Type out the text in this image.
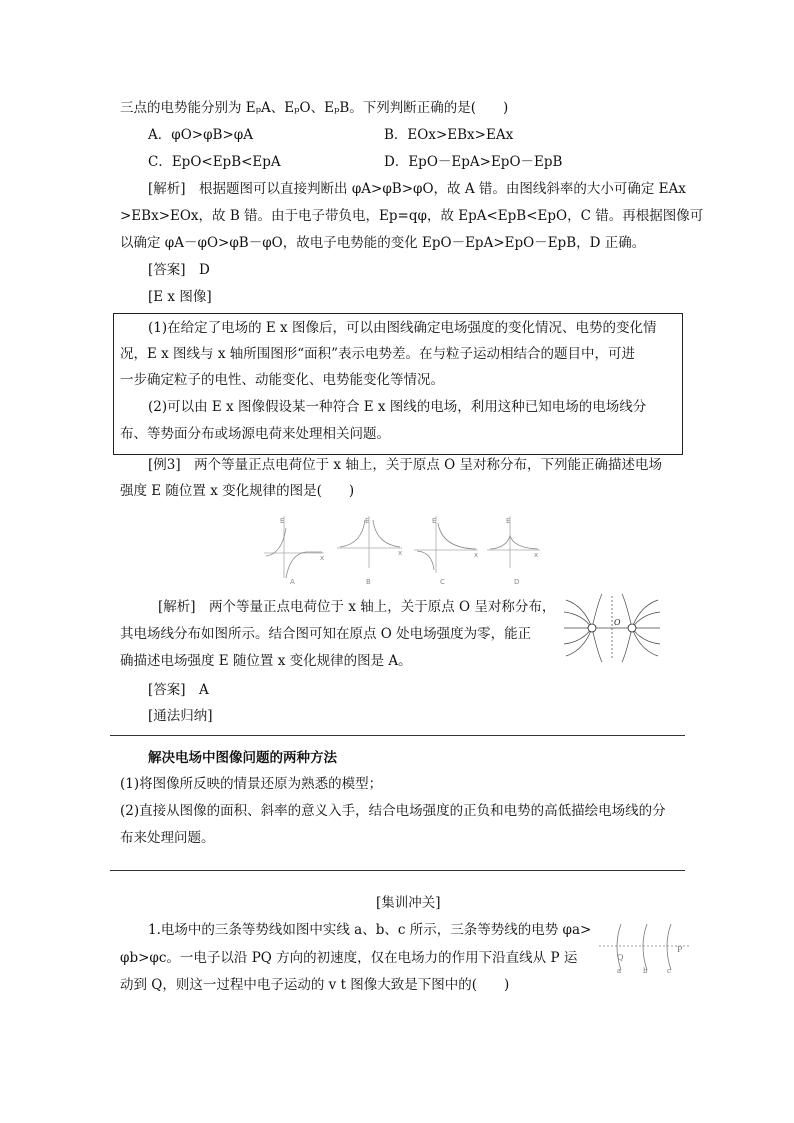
三点的电势能分别为 EₚA、EₚO、EₚB。下列判断正确的是(　　)
A．φO>φB>φA	B．EOx>EBx>EAx
C．EpO<EpB<EpA	D．EpO－EpA>EpO－EpB
[解析]　根据题图可以直接判断出 φA>φB>φO，故 A 错。由图线斜率的大小可确定 EAx
>EBx>EOx，故 B 错。由于电子带负电，Ep=qφ，故 EpA<EpB<EpO，C 错。再根据图像可
以确定 φA－φO>φB－φO，故电子电势能的变化 EpO－EpA>EpO－EpB，D 正确。
[答案]　D
[E x 图像]
(1)在给定了电场的 E x 图像后，可以由图线确定电场强度的变化情况、电势的变化情
况，E x 图线与 x 轴所围图形“面积”表示电势差。在与粒子运动相结合的题目中，可进
一步确定粒子的电性、动能变化、电势能变化等情况。
(2)可以由 E x 图像假设某一种符合 E x 图线的电场，利用这种已知电场的电场线分
布、等势面分布或场源电荷来处理相关问题。
[例3]　两个等量正点电荷位于 x 轴上，关于原点 O 呈对称分布，下列能正确描述电场
强度 E 随位置 x 变化规律的图是(　　)
E
x
E
x
E
x
E
x
A	B	C	D
[解析]　两个等量正点电荷位于 x 轴上，关于原点 O 呈对称分布，
其电场线分布如图所示。结合图可知在原点 O 处电场强度为零，能正
确描述电场强度 E 随位置 x 变化规律的图是 A。
O
[答案]　A
[通法归纳]
解决电场中图像问题的两种方法
(1)将图像所反映的情景还原为熟悉的模型；
(2)直接从图像的面积、斜率的意义入手，结合电场强度的正负和电势的高低描绘电场线的分
布来处理问题。
[集训冲关]
1.电场中的三条等势线如图中实线 a、b、c 所示，三条等势线的电势 φa>
φb>φc。一电子以沿 PQ 方向的初速度，仅在电场力的作用下沿直线从 P 运
动到 Q，则这一过程中电子运动的 v t 图像大致是下图中的(　　)
Q
P
a	b	c
